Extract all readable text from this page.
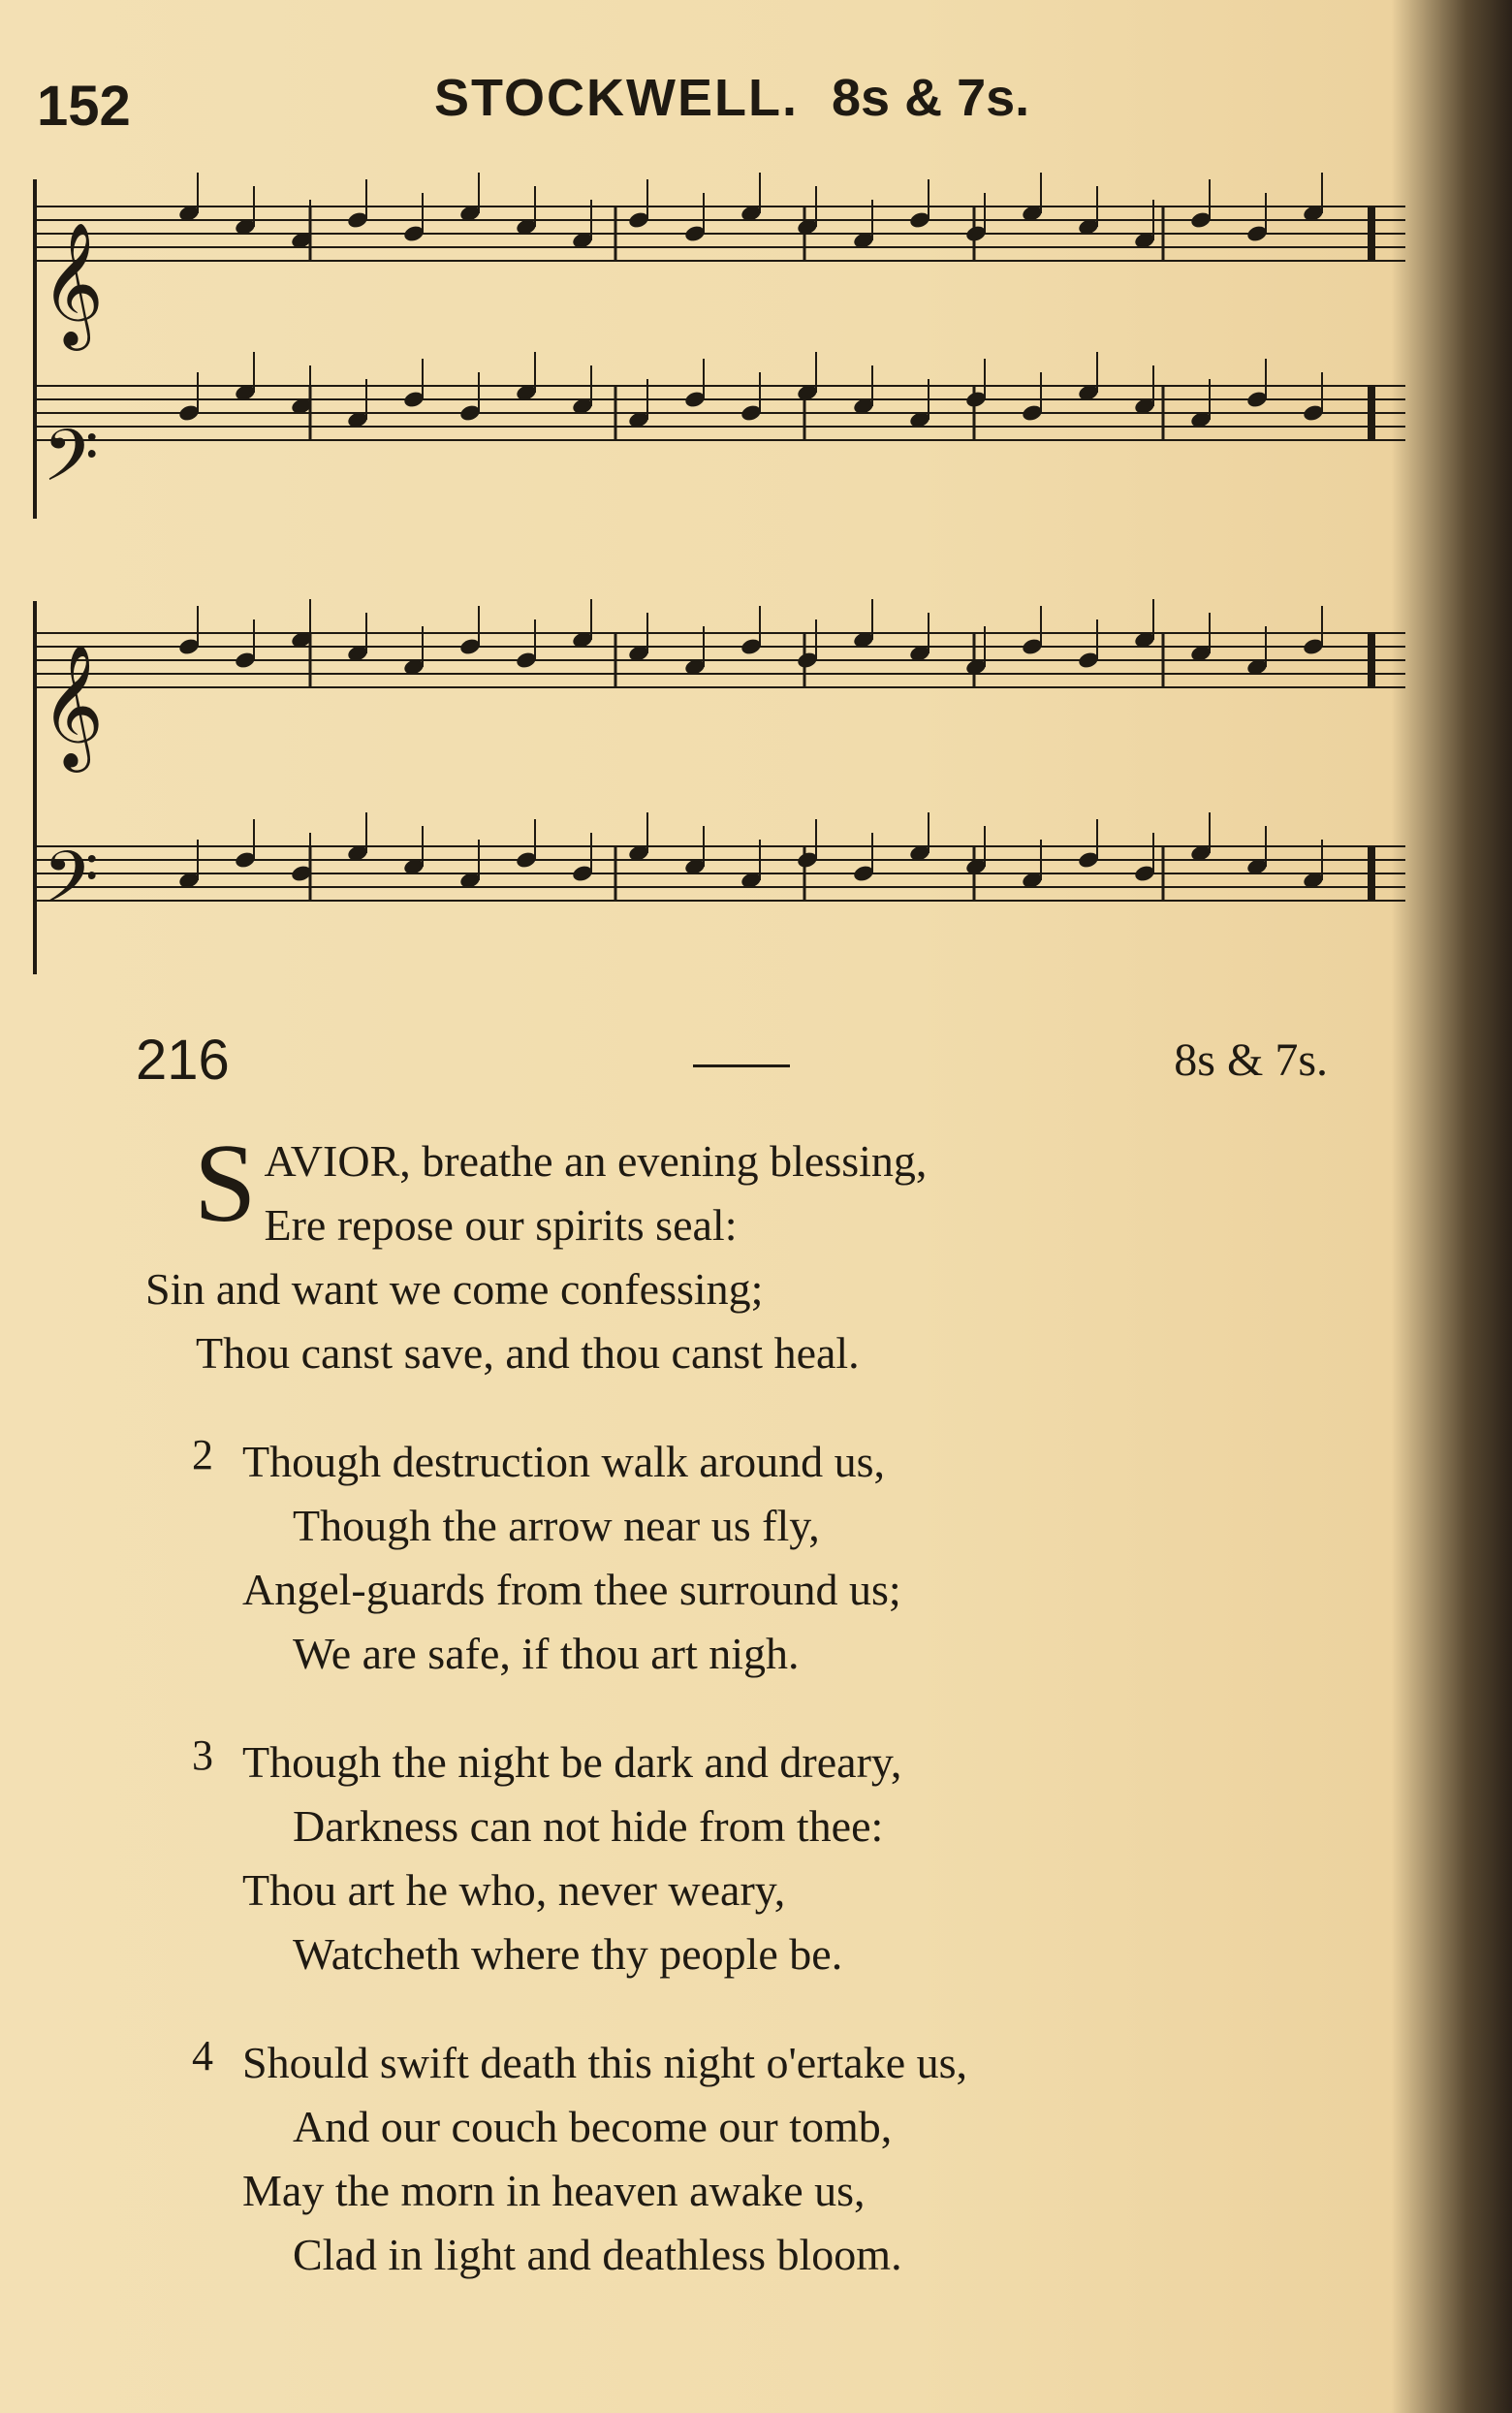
152	STOCKWELL. 8s & 7s.
𝄞
𝄢
𝄞
𝄢
216	8s & 7s.
S AVIOR, breathe an evening blessing,
Ere repose our spirits seal:
Sin and want we come confessing;
Thou canst save, and thou canst heal.
2 Though destruction walk around us,
Though the arrow near us fly,
Angel-guards from thee surround us;
We are safe, if thou art nigh.
3 Though the night be dark and dreary,
Darkness can not hide from thee:
Thou art he who, never weary,
Watcheth where thy people be.
4 Should swift death this night o'ertake us,
And our couch become our tomb,
May the morn in heaven awake us,
Clad in light and deathless bloom.
